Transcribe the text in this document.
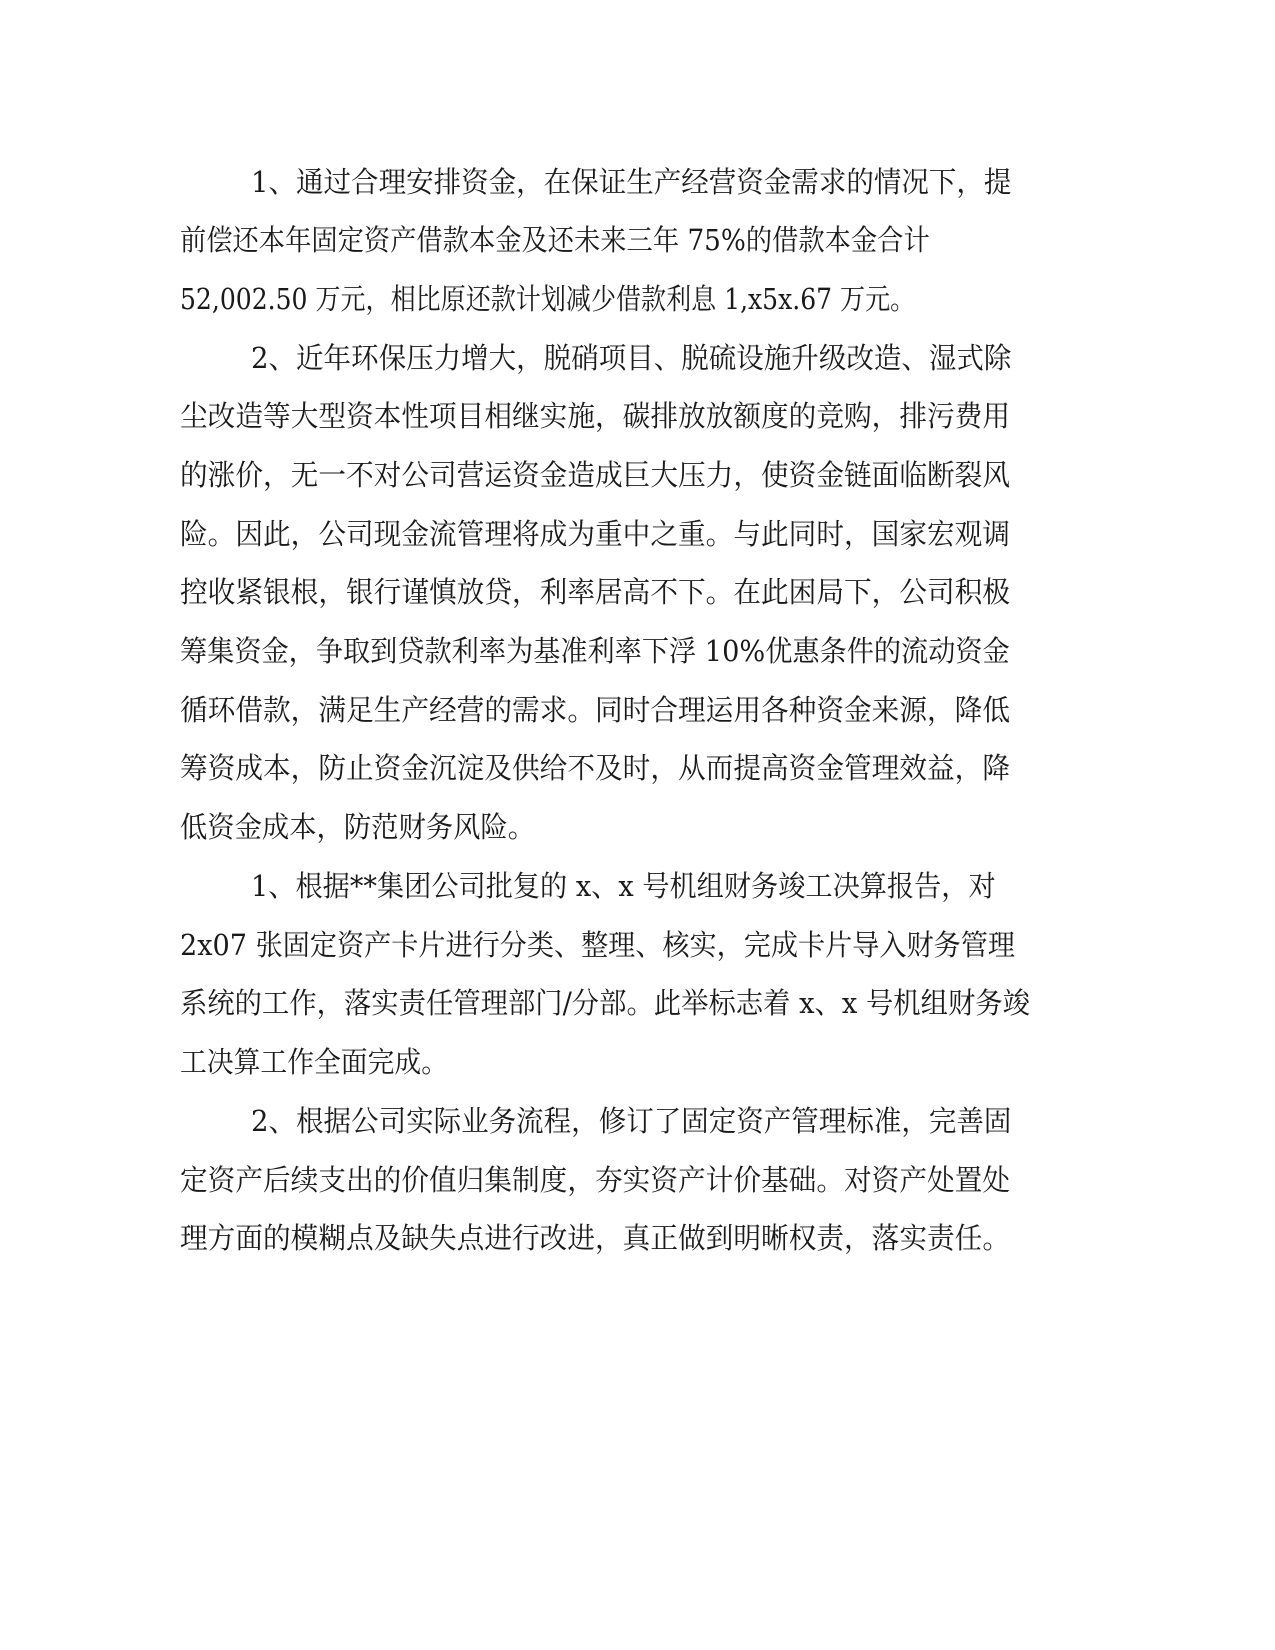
1、通过合理安排资金，在保证生产经营资金需求的情况下，提
前偿还本年固定资产借款本金及还未来三年 75%的借款本金合计
52,002.50 万元，相比原还款计划减少借款利息 1,x5x.67 万元。
2、近年环保压力增大，脱硝项目、脱硫设施升级改造、湿式除
尘改造等大型资本性项目相继实施，碳排放放额度的竞购，排污费用
的涨价，无一不对公司营运资金造成巨大压力，使资金链面临断裂风
险。因此，公司现金流管理将成为重中之重。与此同时，国家宏观调
控收紧银根，银行谨慎放贷，利率居高不下。在此困局下，公司积极
筹集资金，争取到贷款利率为基准利率下浮 10%优惠条件的流动资金
循环借款，满足生产经营的需求。同时合理运用各种资金来源，降低
筹资成本，防止资金沉淀及供给不及时，从而提高资金管理效益，降
低资金成本，防范财务风险。
1、根据**集团公司批复的 x、x 号机组财务竣工决算报告，对
2x07 张固定资产卡片进行分类、整理、核实，完成卡片导入财务管理
系统的工作，落实责任管理部门/分部。此举标志着 x、x 号机组财务竣
工决算工作全面完成。
2、根据公司实际业务流程，修订了固定资产管理标准，完善固
定资产后续支出的价值归集制度，夯实资产计价基础。对资产处置处
理方面的模糊点及缺失点进行改进，真正做到明晰权责，落实责任。
